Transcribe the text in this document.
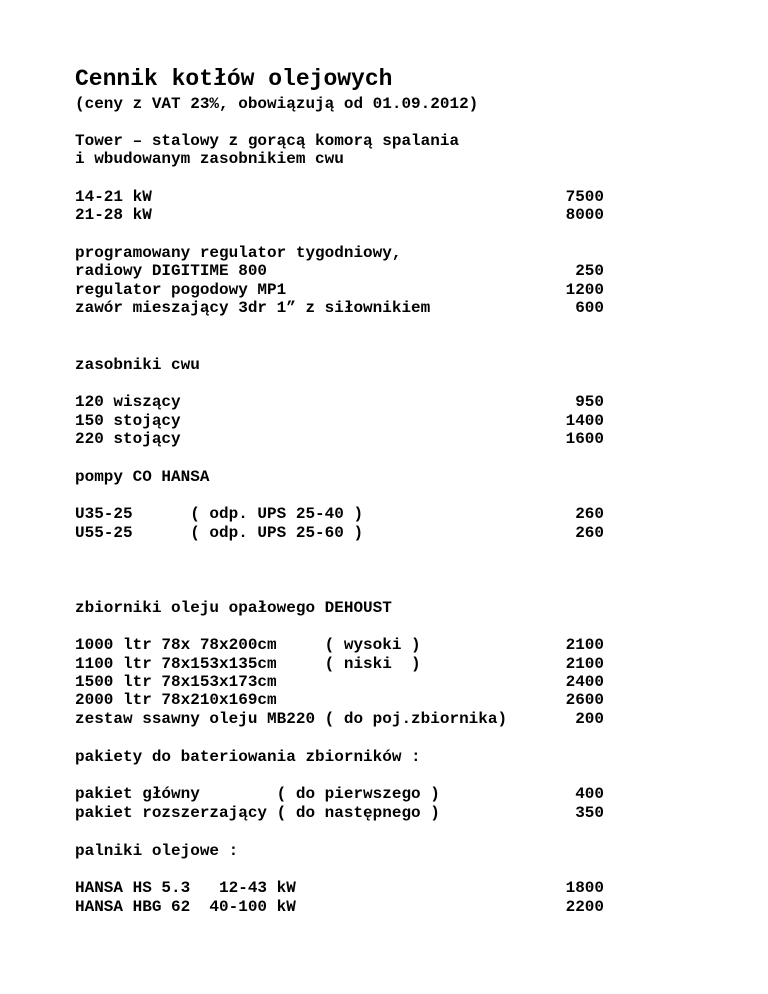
Cennik kotłów olejowych
(ceny z VAT 23%, obowiązują od 01.09.2012)
Tower – stalowy z gorącą komorą spalania
i wbudowanym zasobnikiem cwu
14-21 kW	7500
21-28 kW	8000
programowany regulator tygodniowy,
radiowy DIGITIME 800	250
regulator pogodowy MP1	1200
zawór mieszający 3dr 1” z siłownikiem	600
zasobniki cwu
120 wiszący	950
150 stojący	1400
220 stojący	1600
pompy CO HANSA
U35-25      ( odp. UPS 25-40 )	260
U55-25      ( odp. UPS 25-60 )	260
zbiorniki oleju opałowego DEHOUST
1000 ltr 78x 78x200cm     ( wysoki )	2100
1100 ltr 78x153x135cm     ( niski  )	2100
1500 ltr 78x153x173cm	2400
2000 ltr 78x210x169cm	2600
zestaw ssawny oleju MB220 ( do poj.zbiornika)	200
pakiety do bateriowania zbiorników :
pakiet główny        ( do pierwszego )	400
pakiet rozszerzający ( do następnego )	350
palniki olejowe :
HANSA HS 5.3   12-43 kW	1800
HANSA HBG 62  40-100 kW	2200
